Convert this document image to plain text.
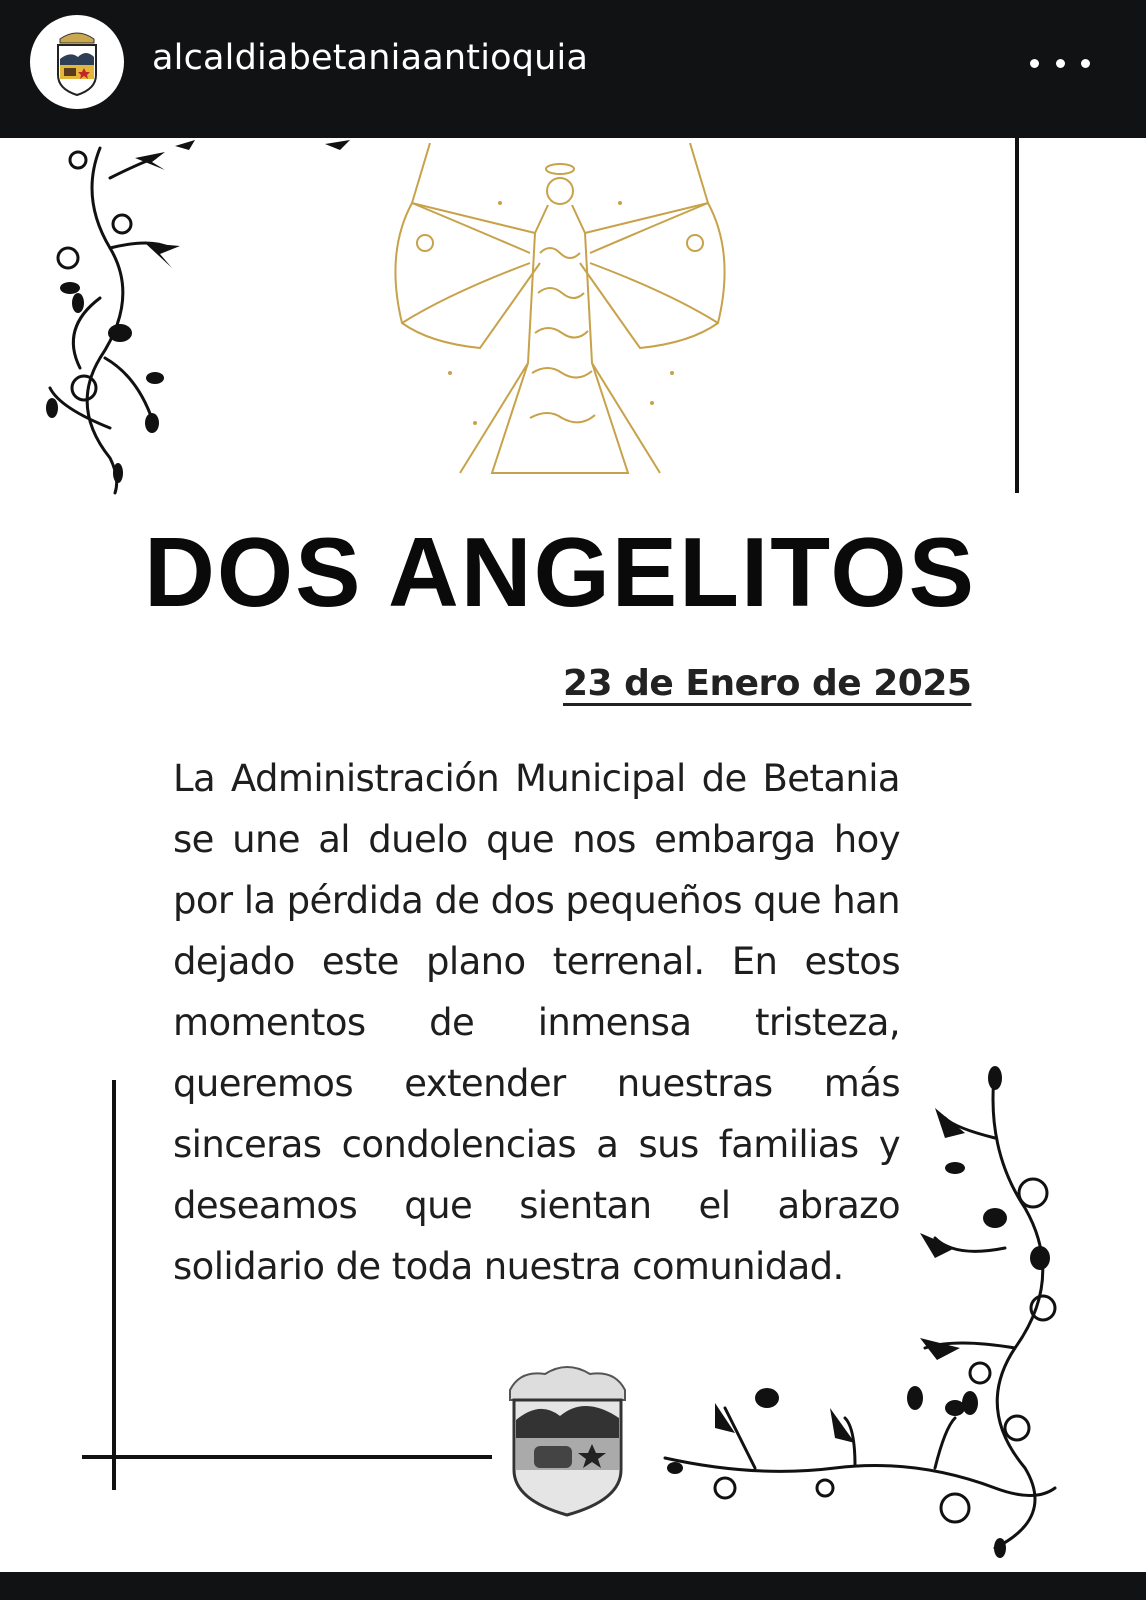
alcaldiabetaniaantioquia
DOS ANGELITOS
23 de Enero de 2025
La Administración Municipal de Betania se une al duelo que nos embarga hoy por la pérdida de dos pequeños que han dejado este plano terrenal. En estos momentos de inmensa tristeza, queremos extender nuestras más sinceras condolencias a sus familias y deseamos que sientan el abrazo solidario de toda nuestra comunidad.
